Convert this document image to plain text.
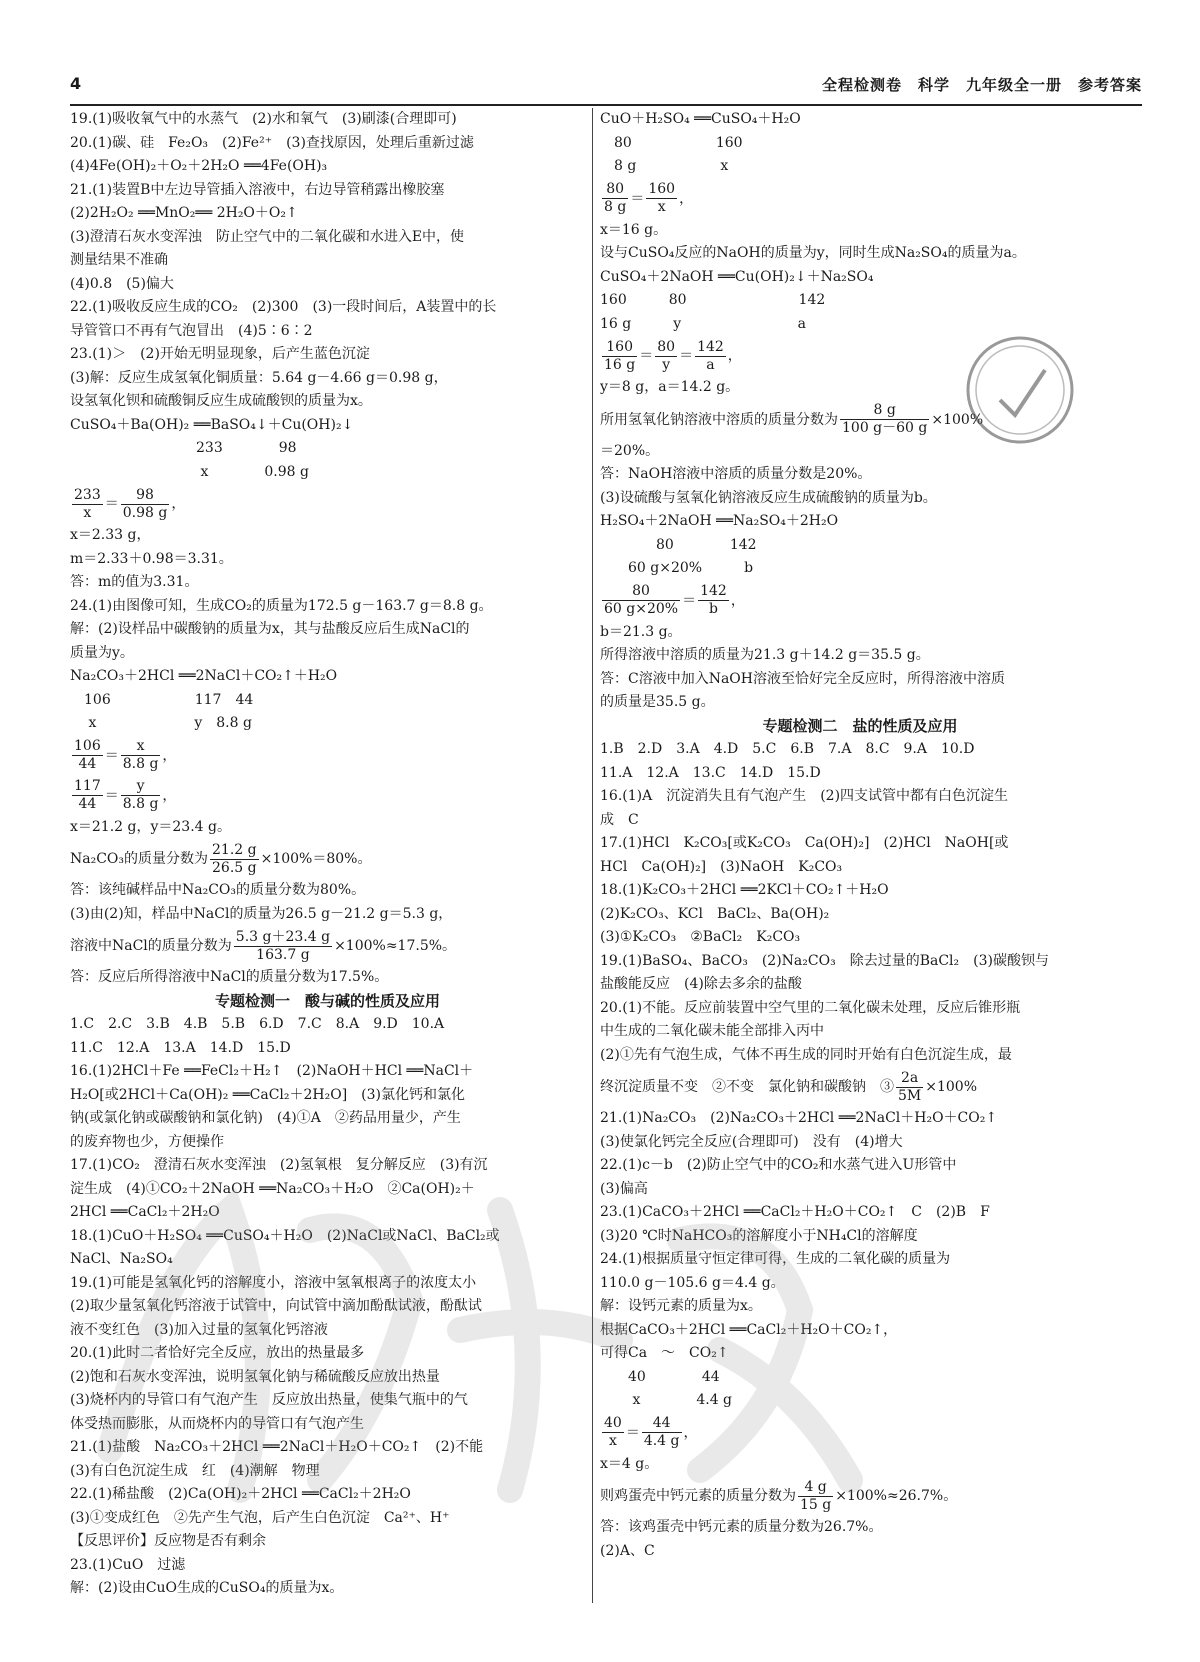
4	全程检测卷　科学　九年级全一册　参考答案
19.(1)吸收氧气中的水蒸气　(2)水和氧气　(3)刷漆(合理即可)
20.(1)碳、硅　Fe₂O₃　(2)Fe²⁺　(3)查找原因，处理后重新过滤
(4)4Fe(OH)₂＋O₂＋2H₂O ══4Fe(OH)₃
21.(1)装置B中左边导管插入溶液中，右边导管稍露出橡胶塞
(2)2H₂O₂ ══MnO₂══ 2H₂O＋O₂↑
(3)澄清石灰水变浑浊　防止空气中的二氧化碳和水进入E中，使
测量结果不准确
(4)0.8　(5)偏大
22.(1)吸收反应生成的CO₂　(2)300　(3)一段时间后，A装置中的长
导管管口不再有气泡冒出　(4)5∶6∶2
23.(1)＞　(2)开始无明显现象，后产生蓝色沉淀
(3)解：反应生成氢氧化铜质量：5.64 g－4.66 g＝0.98 g，
设氢氧化钡和硫酸铜反应生成硫酸钡的质量为x。
CuSO₄＋Ba(OH)₂ ══BaSO₄↓＋Cu(OH)₂↓
　　　　　　　　　233　　　　98
　　　　　　　　　 x　　　　0.98 g
$\frac{233}{x} = \frac{98}{0.98 g}$ ，
x＝2.33 g，
m＝2.33＋0.98＝3.31。
答：m的值为3.31。
24.(1)由图像可知，生成CO₂的质量为172.5 g－163.7 g＝8.8 g。
解：(2)设样品中碳酸钠的质量为x，其与盐酸反应后生成NaCl的
质量为y。
Na₂CO₃＋2HCl ══2NaCl＋CO₂↑＋H₂O
　106　　　　　　117　44
　 x　　　　　　　y　8.8 g
$\frac{106}{44} = \frac{x}{8.8 g}$ ，
$\frac{117}{44} = \frac{y}{8.8 g}$ ，
x＝21.2 g，y＝23.4 g。
Na₂CO₃的质量分数为 $\frac{21.2 g}{26.5 g} \times 100\%=80\%$。
答：该纯碱样品中Na₂CO₃的质量分数为80%。
(3)由(2)知，样品中NaCl的质量为26.5 g－21.2 g＝5.3 g，
溶液中NaCl的质量分数为 $\frac{5.3 g+23.4 g}{163.7 g} \times 100\%\approx 17.5\%$。
答：反应后所得溶液中NaCl的质量分数为17.5%。
专题检测一　酸与碱的性质及应用
1.C　2.C　3.B　4.B　5.B　6.D　7.C　8.A　9.D　10.A
11.C　12.A　13.A　14.D　15.D
16.(1)2HCl＋Fe ══FeCl₂＋H₂↑　(2)NaOH＋HCl ══NaCl＋
H₂O[或2HCl＋Ca(OH)₂ ══CaCl₂＋2H₂O]　(3)氯化钙和氯化
钠(或氯化钠或碳酸钠和氯化钠)　(4)①A　②药品用量少，产生
的废弃物也少，方便操作
17.(1)CO₂　澄清石灰水变浑浊　(2)氢氧根　复分解反应　(3)有沉
淀生成　(4)①CO₂＋2NaOH ══Na₂CO₃＋H₂O　②Ca(OH)₂＋
2HCl ══CaCl₂＋2H₂O
18.(1)CuO＋H₂SO₄ ══CuSO₄＋H₂O　(2)NaCl或NaCl、BaCl₂或
NaCl、Na₂SO₄
19.(1)可能是氢氧化钙的溶解度小，溶液中氢氧根离子的浓度太小
(2)取少量氢氧化钙溶液于试管中，向试管中滴加酚酞试液，酚酞试
液不变红色　(3)加入过量的氢氧化钙溶液
20.(1)此时二者恰好完全反应，放出的热量最多
(2)饱和石灰水变浑浊，说明氢氧化钠与稀硫酸反应放出热量
(3)烧杯内的导管口有气泡产生　反应放出热量，使集气瓶中的气
体受热而膨胀，从而烧杯内的导管口有气泡产生
21.(1)盐酸　Na₂CO₃＋2HCl ══2NaCl＋H₂O＋CO₂↑　(2)不能
(3)有白色沉淀生成　红　(4)潮解　物理
22.(1)稀盐酸　(2)Ca(OH)₂＋2HCl ══CaCl₂＋2H₂O
(3)①变成红色　②先产生气泡，后产生白色沉淀　Ca²⁺、H⁺
【反思评价】反应物是否有剩余
23.(1)CuO　过滤
解：(2)设由CuO生成的CuSO₄的质量为x。
CuO＋H₂SO₄ ══CuSO₄＋H₂O
　80　　　　　　160
　8 g　　　　　　x
$\frac{80}{8 g} = \frac{160}{x}$ ，
x＝16 g。
设与CuSO₄反应的NaOH的质量为y，同时生成Na₂SO₄的质量为a。
CuSO₄＋2NaOH ══Cu(OH)₂↓＋Na₂SO₄
160　　　80　　　　　　　　142
16 g　　　y　　　　　　　　 a
$\frac{160}{16 g} = \frac{80}{y} = \frac{142}{a}$ ，
y＝8 g，a＝14.2 g。
所用氢氧化钠溶液中溶质的质量分数为 $\frac{8 g}{100 g-60 g} \times 100\%$
＝20%。
答：NaOH溶液中溶质的质量分数是20%。
(3)设硫酸与氢氧化钠溶液反应生成硫酸钠的质量为b。
H₂SO₄＋2NaOH ══Na₂SO₄＋2H₂O
　　　　80　　　　142
　　60 g×20%　　　b
$\frac{80}{60 g\times 20\%} = \frac{142}{b}$ ，
b＝21.3 g。
所得溶液中溶质的质量为21.3 g＋14.2 g＝35.5 g。
答：C溶液中加入NaOH溶液至恰好完全反应时，所得溶液中溶质
的质量是35.5 g。
专题检测二　盐的性质及应用
1.B　2.D　3.A　4.D　5.C　6.B　7.A　8.C　9.A　10.D
11.A　12.A　13.C　14.D　15.D
16.(1)A　沉淀消失且有气泡产生　(2)四支试管中都有白色沉淀生
成　C
17.(1)HCl　K₂CO₃[或K₂CO₃　Ca(OH)₂]　(2)HCl　NaOH[或
HCl　Ca(OH)₂]　(3)NaOH　K₂CO₃
18.(1)K₂CO₃＋2HCl ══2KCl＋CO₂↑＋H₂O
(2)K₂CO₃、KCl　BaCl₂、Ba(OH)₂
(3)①K₂CO₃　②BaCl₂　K₂CO₃
19.(1)BaSO₄、BaCO₃　(2)Na₂CO₃　除去过量的BaCl₂　(3)碳酸钡与
盐酸能反应　(4)除去多余的盐酸
20.(1)不能。反应前装置中空气里的二氧化碳未处理，反应后锥形瓶
中生成的二氧化碳未能全部排入丙中
(2)①先有气泡生成，气体不再生成的同时开始有白色沉淀生成，最
终沉淀质量不变　②不变　氯化钠和碳酸钠　③ $\frac{2a}{5M} \times 100\%$
21.(1)Na₂CO₃　(2)Na₂CO₃＋2HCl ══2NaCl＋H₂O＋CO₂↑
(3)使氯化钙完全反应(合理即可)　没有　(4)增大
22.(1)c－b　(2)防止空气中的CO₂和水蒸气进入U形管中
(3)偏高
23.(1)CaCO₃＋2HCl ══CaCl₂＋H₂O＋CO₂↑　C　(2)B　F
(3)20 ℃时NaHCO₃的溶解度小于NH₄Cl的溶解度
24.(1)根据质量守恒定律可得，生成的二氧化碳的质量为
110.0 g－105.6 g＝4.4 g。
解：设钙元素的质量为x。
根据CaCO₃＋2HCl ══CaCl₂＋H₂O＋CO₂↑，
可得Ca　～　CO₂↑
　　40　　　　44
　　 x　　　　4.4 g
$\frac{40}{x} = \frac{44}{4.4 g}$ ，
x＝4 g。
则鸡蛋壳中钙元素的质量分数为 $\frac{4 g}{15 g} \times 100\%\approx 26.7\%$。
答：该鸡蛋壳中钙元素的质量分数为26.7%。
(2)A、C
